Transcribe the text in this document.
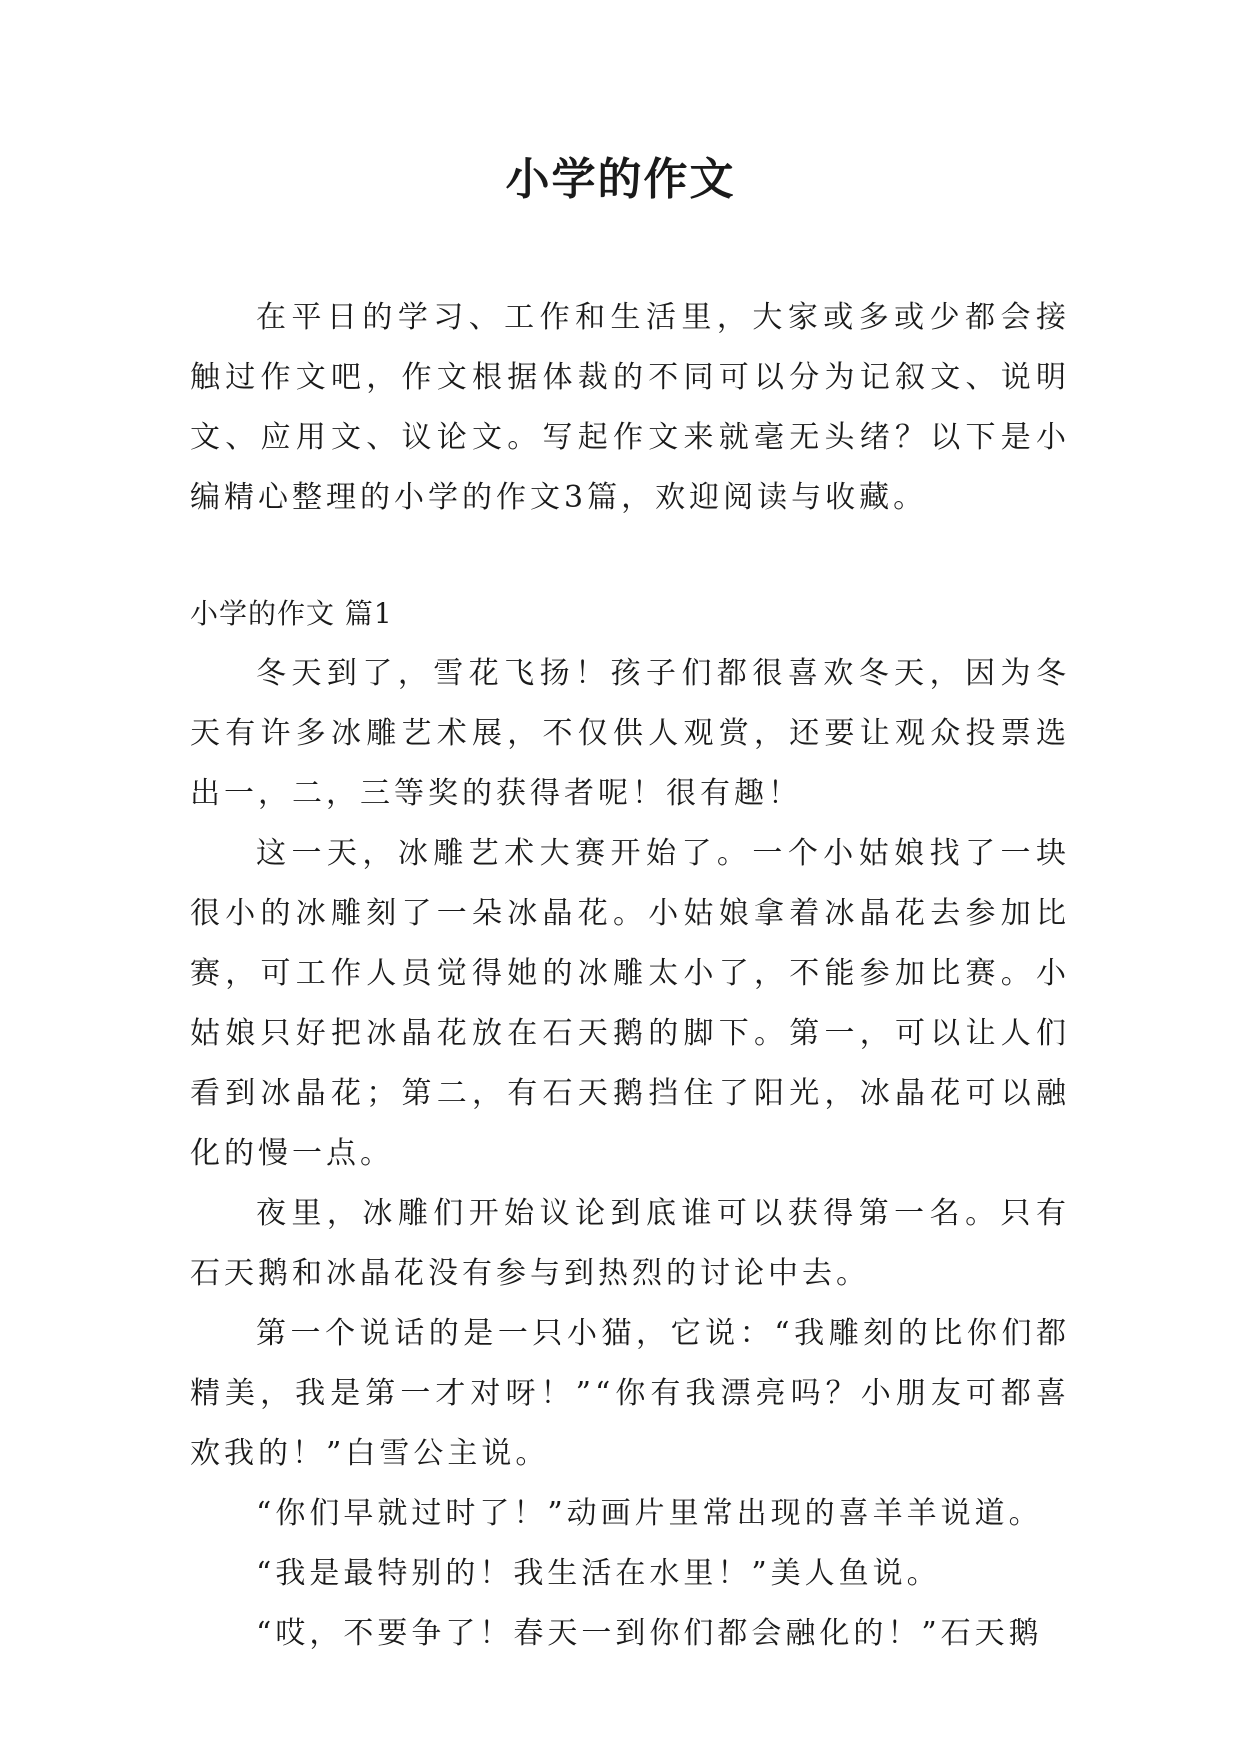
小学的作文

在平日的学习、工作和生活里，大家或多或少都会接触过作文吧，作文根据体裁的不同可以分为记叙文、说明文、应用文、议论文。写起作文来就毫无头绪？以下是小编精心整理的小学的作文3篇，欢迎阅读与收藏。

小学的作文 篇1

冬天到了，雪花飞扬！孩子们都很喜欢冬天，因为冬天有许多冰雕艺术展，不仅供人观赏，还要让观众投票选出一，二，三等奖的获得者呢！很有趣！

这一天，冰雕艺术大赛开始了。一个小姑娘找了一块很小的冰雕刻了一朵冰晶花。小姑娘拿着冰晶花去参加比赛，可工作人员觉得她的冰雕太小了，不能参加比赛。小姑娘只好把冰晶花放在石天鹅的脚下。第一，可以让人们看到冰晶花；第二，有石天鹅挡住了阳光，冰晶花可以融化的慢一点。

夜里，冰雕们开始议论到底谁可以获得第一名。只有石天鹅和冰晶花没有参与到热烈的讨论中去。

第一个说话的是一只小猫，它说：“我雕刻的比你们都精美，我是第一才对呀！”“你有我漂亮吗？小朋友可都喜欢我的！”白雪公主说。

“你们早就过时了！”动画片里常出现的喜羊羊说道。

“我是最特别的！我生活在水里！”美人鱼说。

“哎，不要争了！春天一到你们都会融化的！”石天鹅
